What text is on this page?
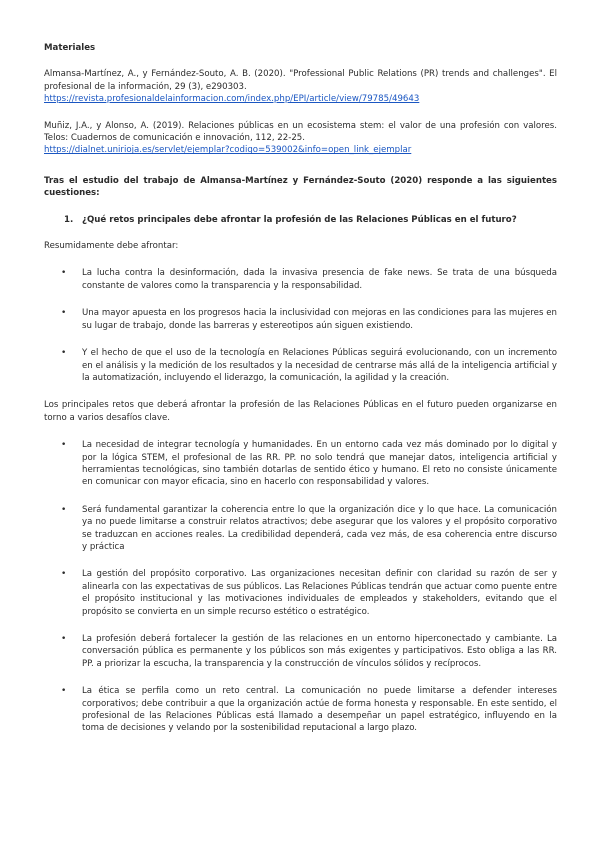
Materiales

Almansa-Martínez, A., y Fernández-Souto, A. B. (2020). "Professional Public Relations (PR) trends and challenges". El profesional de la información, 29 (3), e290303.

https://revista.profesionaldelainformacion.com/index.php/EPI/article/view/79785/49643

Muñiz, J.A., y Alonso, A. (2019). Relaciones públicas en un ecosistema stem: el valor de una profesión con valores. Telos: Cuadernos de comunicación e innovación, 112, 22-25.

https://dialnet.unirioja.es/servlet/ejemplar?codigo=539002&info=open_link_ejemplar

Tras el estudio del trabajo de Almansa-Martínez y Fernández-Souto (2020) responde a las siguientes cuestiones:

1. ¿Qué retos principales debe afrontar la profesión de las Relaciones Públicas en el futuro?

Resumidamente debe afrontar:

• La lucha contra la desinformación, dada la invasiva presencia de fake news. Se trata de una búsqueda constante de valores como la transparencia y la responsabilidad.
• Una mayor apuesta en los progresos hacia la inclusividad con mejoras en las condiciones para las mujeres en su lugar de trabajo, donde las barreras y estereotipos aún siguen existiendo.
• Y el hecho de que el uso de la tecnología en Relaciones Públicas seguirá evolucionando, con un incremento en el análisis y la medición de los resultados y la necesidad de centrarse más allá de la inteligencia artificial y la automatización, incluyendo el liderazgo, la comunicación, la agilidad y la creación.

Los principales retos que deberá afrontar la profesión de las Relaciones Públicas en el futuro pueden organizarse en torno a varios desafíos clave.

• La necesidad de integrar tecnología y humanidades. En un entorno cada vez más dominado por lo digital y por la lógica STEM, el profesional de las RR. PP. no solo tendrá que manejar datos, inteligencia artificial y herramientas tecnológicas, sino también dotarlas de sentido ético y humano. El reto no consiste únicamente en comunicar con mayor eficacia, sino en hacerlo con responsabilidad y valores.
• Será fundamental garantizar la coherencia entre lo que la organización dice y lo que hace. La comunicación ya no puede limitarse a construir relatos atractivos; debe asegurar que los valores y el propósito corporativo se traduzcan en acciones reales. La credibilidad dependerá, cada vez más, de esa coherencia entre discurso y práctica
• La gestión del propósito corporativo. Las organizaciones necesitan definir con claridad su razón de ser y alinearla con las expectativas de sus públicos. Las Relaciones Públicas tendrán que actuar como puente entre el propósito institucional y las motivaciones individuales de empleados y stakeholders, evitando que el propósito se convierta en un simple recurso estético o estratégico.
• La profesión deberá fortalecer la gestión de las relaciones en un entorno hiperconectado y cambiante. La conversación pública es permanente y los públicos son más exigentes y participativos. Esto obliga a las RR. PP. a priorizar la escucha, la transparencia y la construcción de vínculos sólidos y recíprocos.
• La ética se perfila como un reto central. La comunicación no puede limitarse a defender intereses corporativos; debe contribuir a que la organización actúe de forma honesta y responsable. En este sentido, el profesional de las Relaciones Públicas está llamado a desempeñar un papel estratégico, influyendo en la toma de decisiones y velando por la sostenibilidad reputacional a largo plazo.
